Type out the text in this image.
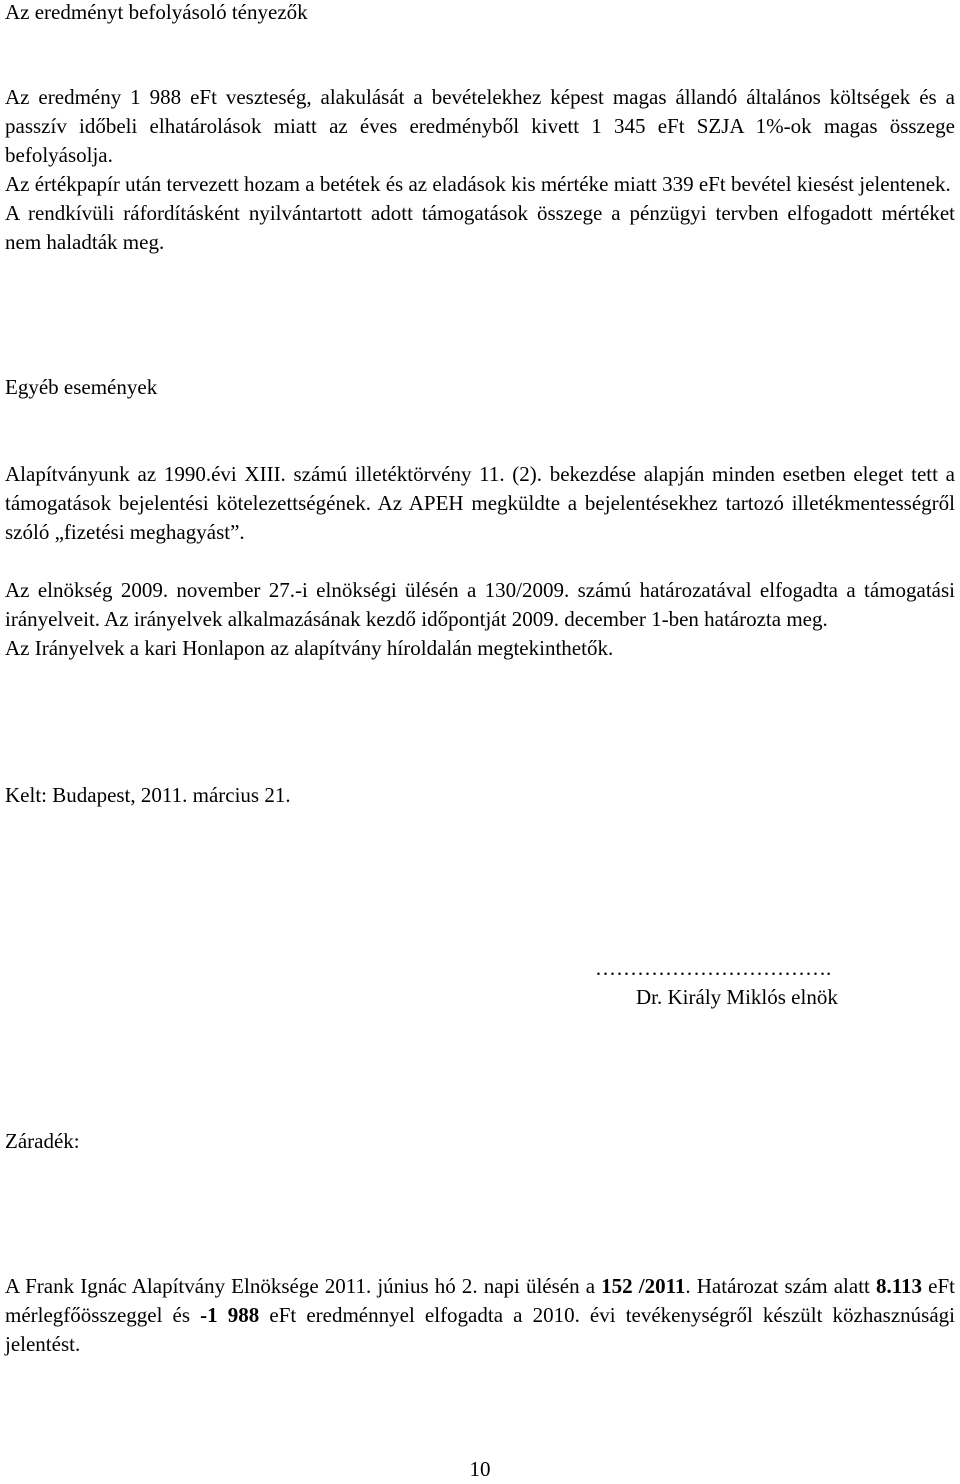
Az eredményt befolyásoló tényezők

Az eredmény 1 988 eFt veszteség, alakulását a bevételekhez képest magas állandó általános költségek és a passzív időbeli elhatárolások miatt az éves eredményből kivett 1 345 eFt SZJA 1%-ok magas összege befolyásolja.
Az értékpapír után tervezett hozam a betétek és az eladások kis mértéke miatt 339 eFt bevétel kiesést jelentenek.
A rendkívüli ráfordításként nyilvántartott adott támogatások összege a pénzügyi tervben elfogadott mértéket nem haladták meg.

Egyéb események

Alapítványunk az 1990.évi XIII. számú illetéktörvény 11. (2). bekezdése alapján minden esetben eleget tett a támogatások bejelentési kötelezettségének. Az APEH megküldte a bejelentésekhez tartozó illetékmentességről szóló „fizetési meghagyást”.

Az elnökség 2009. november 27.-i elnökségi ülésén a 130/2009. számú határozatával elfogadta a támogatási irányelveit. Az irányelvek alkalmazásának kezdő időpontját 2009. december 1-ben határozta meg.
Az Irányelvek a kari Honlapon az alapítvány híroldalán megtekinthetők.

Kelt: Budapest, 2011. március 21.

…………………………….
Dr. Király Miklós elnök

Záradék:

A Frank Ignác Alapítvány Elnöksége 2011. június hó 2. napi ülésén a 152 /2011. Határozat szám alatt 8.113 eFt mérlegfőösszeggel és -1 988 eFt eredménnyel elfogadta a 2010. évi tevékenységről készült közhasznúsági jelentést.

10
